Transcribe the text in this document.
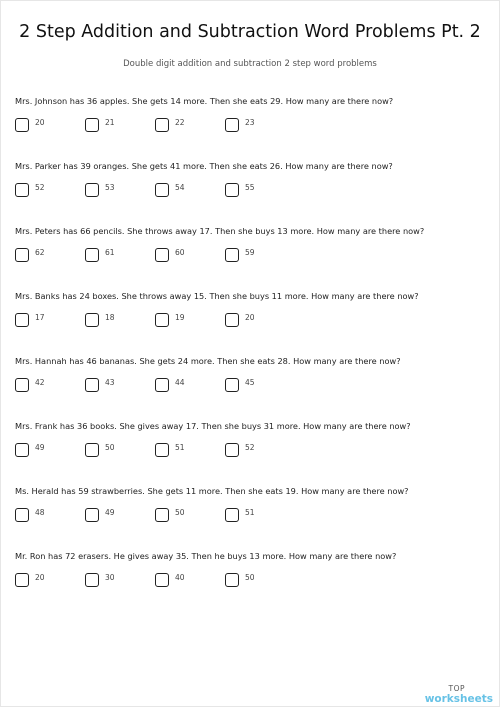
2 Step Addition and Subtraction Word Problems Pt. 2
Double digit addition and subtraction 2 step word problems
Mrs. Johnson has 36 apples. She gets 14 more. Then she eats 29. How many are there now?
20	21	22	23
Mrs. Parker has 39 oranges. She gets 41 more. Then she eats 26. How many are there now?
52	53	54	55
Mrs. Peters has 66 pencils. She throws away 17. Then she buys 13 more. How many are there now?
62	61	60	59
Mrs. Banks has 24 boxes. She throws away 15. Then she buys 11 more. How many are there now?
17	18	19	20
Mrs. Hannah has 46 bananas. She gets 24 more. Then she eats 28. How many are there now?
42	43	44	45
Mrs. Frank has 36 books. She gives away 17. Then she buys 31 more. How many are there now?
49	50	51	52
Ms. Herald has 59 strawberries. She gets 11 more. Then she eats 19. How many are there now?
48	49	50	51
Mr. Ron has 72 erasers. He gives away 35. Then he buys 13 more. How many are there now?
20	30	40	50
TOP
worksheets
